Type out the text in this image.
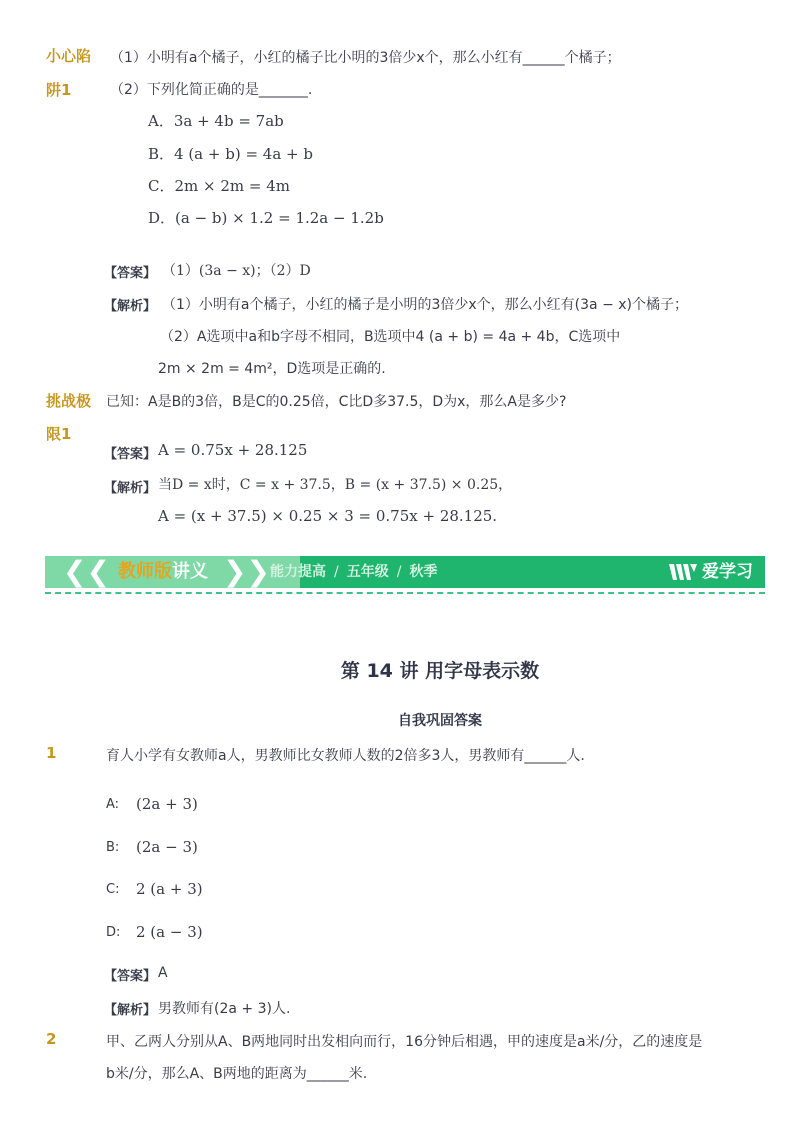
小心陷
阱1
（1）小明有a个橘子，小红的橘子比小明的3倍少x个，那么小红有______个橘子；
（2）下列化简正确的是_______.
A．3a + 4b = 7ab
B．4 (a + b) = 4a + b
C．2m × 2m = 4m
D．(a − b) × 1.2 = 1.2a − 1.2b
【答案】 （1）(3a − x)；（2）D
【解析】 （1）小明有a个橘子，小红的橘子是小明的3倍少x个，那么小红有(3a − x)个橘子；
（2）A选项中a和b字母不相同，B选项中4 (a + b) = 4a + 4b，C选项中
2m × 2m = 4m²，D选项是正确的.
挑战极
限1
已知：A是B的3倍，B是C的0.25倍，C比D多37.5，D为x，那么A是多少?
【答案】 A = 0.75x + 28.125
【解析】 当D = x时，C = x + 37.5，B = (x + 37.5) × 0.25，
A = (x + 37.5) × 0.25 × 3 = 0.75x + 28.125.
❮❮ 教师版讲义 ❯❯ 能力提高 / 五年级 / 秋季	爱学习
第 14 讲 用字母表示数
自我巩固答案
1	育人小学有女教师a人，男教师比女教师人数的2倍多3人，男教师有______人.
A: (2a + 3)
B: (2a − 3)
C: 2 (a + 3)
D: 2 (a − 3)
【答案】 A
【解析】 男教师有(2a + 3)人.
2	甲、乙两人分别从A、B两地同时出发相向而行，16分钟后相遇，甲的速度是a米/分，乙的速度是
b米/分，那么A、B两地的距离为______米.
